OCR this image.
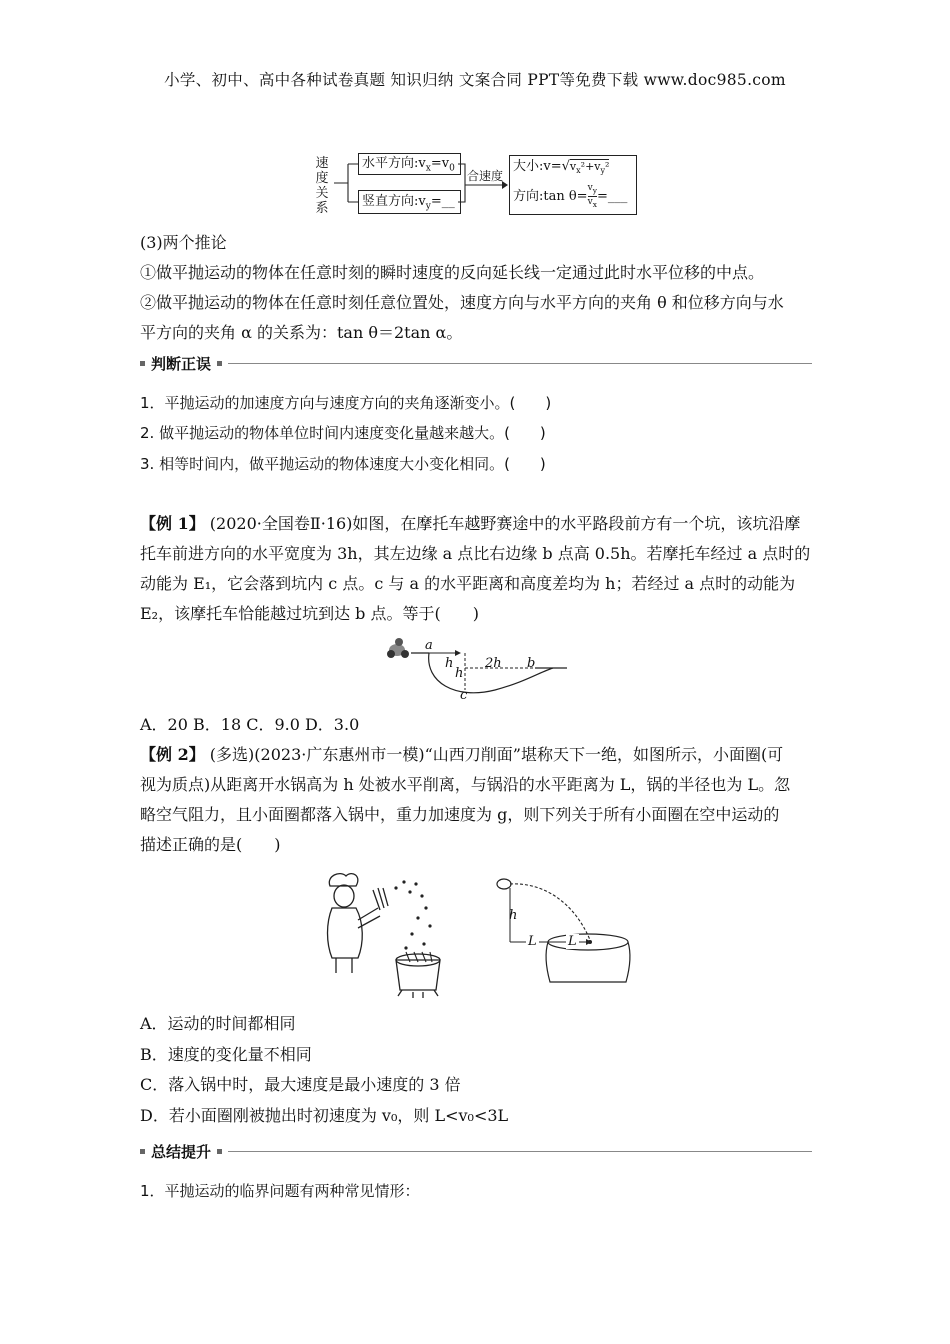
小学、初中、高中各种试卷真题 知识归纳 文案合同 PPT等免费下载 www.doc985.com
速
度
关
系
水平方向$:v_x=v_0$
竖直方向$:v_y=\_\_$
合速度
大小$:v=√v_x^2+v_y^2$
方向:tan $\theta= \frac{v_y}{v_x}$ =___
(3)两个推论
①做平抛运动的物体在任意时刻的瞬时速度的反向延长线一定通过此时水平位移的中点。
②做平抛运动的物体在任意时刻任意位置处，速度方向与水平方向的夹角 θ 和位移方向与水
平方向的夹角 α 的关系为：tan θ＝2tan α。
判断正误
1．平抛运动的加速度方向与速度方向的夹角逐渐变小。(　　)
2. 做平抛运动的物体单位时间内速度变化量越来越大。(　　)
3. 相等时间内，做平抛运动的物体速度大小变化相同。(　　)
【例 1】 (2020·全国卷Ⅱ·16)如图，在摩托车越野赛途中的水平路段前方有一个坑，该坑沿摩
托车前进方向的水平宽度为 3h，其左边缘 a 点比右边缘 b 点高 0.5h。若摩托车经过 a 点时的
动能为 E₁，它会落到坑内 c 点。c 与 a 的水平距离和高度差均为 h；若经过 a 点时的动能为
E₂，该摩托车恰能越过坑到达 b 点。等于(　　)
a
h
h
2h b
c
A．20 B．18 C．9.0 D．3.0
【例 2】 (多选)(2023·广东惠州市一模)“山西刀削面”堪称天下一绝，如图所示，小面圈(可
视为质点)从距离开水锅高为 h 处被水平削离，与锅沿的水平距离为 L，锅的半径也为 L。忽
略空气阻力，且小面圈都落入锅中，重力加速度为 g，则下列关于所有小面圈在空中运动的
描述正确的是(　　)
h
L L
A．运动的时间都相同
B．速度的变化量不相同
C．落入锅中时，最大速度是最小速度的 3 倍
D．若小面圈刚被抛出时初速度为 v₀，则 L<v₀<3L
总结提升
1．平抛运动的临界问题有两种常见情形：
